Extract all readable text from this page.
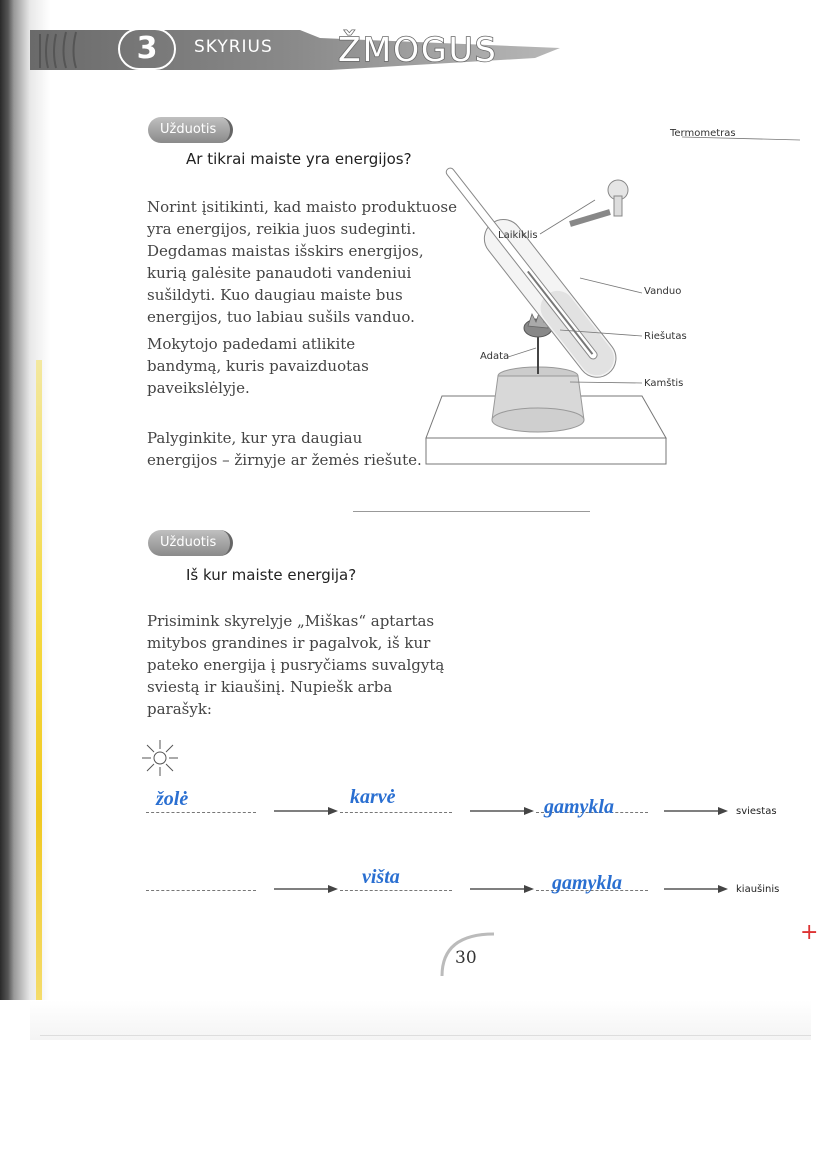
3	SKYRIUS ŽMOGUS
Užduotis
Ar tikrai maiste yra energijos?
Norint įsitikinti, kad maisto produktuose yra energijos, reikia juos sudeginti. Degdamas maistas išskirs energijos, kurią galėsite panaudoti vandeniui sušildyti. Kuo daugiau maiste bus energijos, tuo labiau sušils vanduo.
Mokytojo padedami atlikite bandymą, kuris pavaizduotas paveikslėlyje.
Palyginkite, kur yra daugiau energijos – žirnyje ar žemės riešute.
Termometras
Laikiklis
Vanduo
Riešutas
Adata
Kamštis
Užduotis
Iš kur maiste energija?
Prisimink skyrelyje „Miškas“ aptartas mitybos grandines ir pagalvok, iš kur pateko energija į pusryčiams suvalgytą sviestą ir kiaušinį. Nupiešk arba parašyk:
žolė	karvė	gamykla	sviestas
višta	gamykla	kiaušinis
30
+
